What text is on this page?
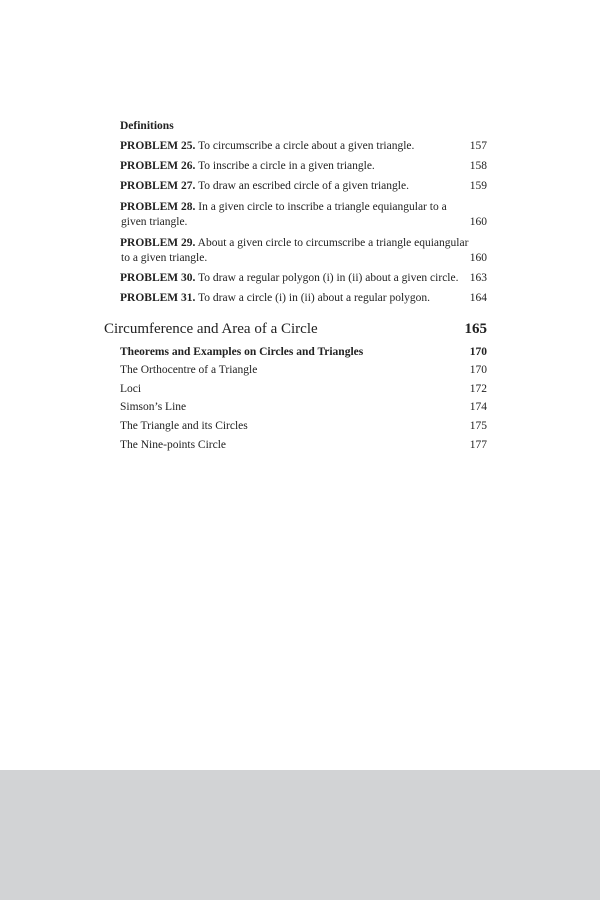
Definitions
PROBLEM 25. To circumscribe a circle about a given triangle.	157
PROBLEM 26. To inscribe a circle in a given triangle.	158
PROBLEM 27. To draw an escribed circle of a given triangle.	159
PROBLEM 28. In a given circle to inscribe a triangle equiangular to a
given triangle.	160
PROBLEM 29. About a given circle to circumscribe a triangle equiangular
to a given triangle.	160
PROBLEM 30. To draw a regular polygon (i) in (ii) about a given circle. 163
PROBLEM 31. To draw a circle (i) in (ii) about a regular polygon.	164
Circumference and Area of a Circle	165
Theorems and Examples on Circles and Triangles	170
The Orthocentre of a Triangle	170
Loci	172
Simson’s Line	174
The Triangle and its Circles	175
The Nine-points Circle	177
